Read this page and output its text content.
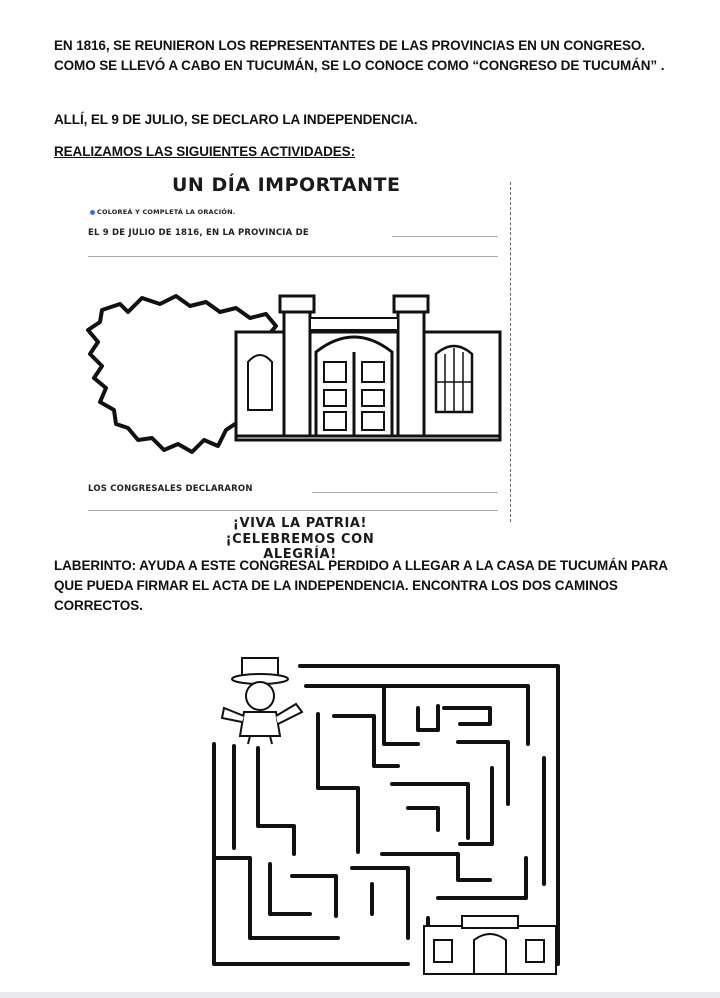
EN 1816, SE REUNIERON LOS REPRESENTANTES DE LAS PROVINCIAS EN UN CONGRESO. COMO SE LLEVÓ A CABO EN TUCUMÁN, SE LO CONOCE COMO “CONGRESO DE TUCUMÁN” .
ALLÍ, EL 9 DE JULIO, SE DECLARO LA INDEPENDENCIA.
REALIZAMOS LAS SIGUIENTES ACTIVIDADES:
UN DÍA IMPORTANTE
COLOREÁ Y COMPLETÁ LA ORACIÓN.
EL 9 DE JULIO DE 1816, EN LA PROVINCIA DE
LOS CONGRESALES DECLARARON
¡VIVA LA PATRIA!
¡CELEBREMOS CON ALEGRÍA!
LABERINTO: AYUDA A ESTE CONGRESAL PERDIDO A LLEGAR A LA CASA DE TUCUMÁN PARA QUE PUEDA FIRMAR EL ACTA DE LA INDEPENDENCIA. ENCONTRA LOS DOS CAMINOS CORRECTOS.
